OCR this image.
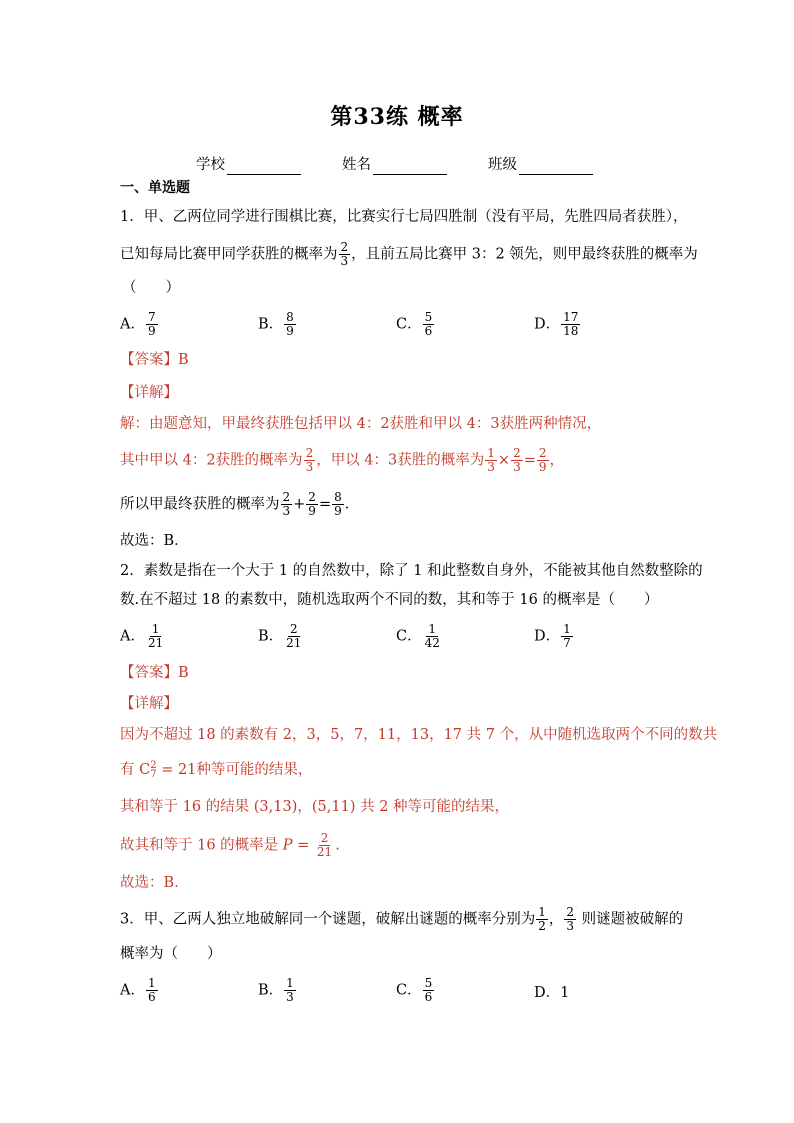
第33练 概率
学校	姓名	班级
一、单选题
1．甲、乙两位同学进行围棋比赛，比赛实行七局四胜制（没有平局，先胜四局者获胜），
已知每局比赛甲同学获胜的概率为 $\frac{2}{3}$ ，且前五局比赛甲 3：2 领先，则甲最终获胜的概率为
（　　）
A． $\frac{7}{9}$	B． $\frac{8}{9}$	C． $\frac{5}{6}$	D． $\frac{17}{18}$
【答案】B
【详解】
解：由题意知，甲最终获胜包括甲以 4：2获胜和甲以 4：3获胜两种情况，
其中甲以 4：2获胜的概率为 $\frac{2}{3}$ ，甲以 4：3获胜的概率为 $\frac{1}{3} \times \frac{2}{3} = \frac{2}{9}$ ，
所以甲最终获胜的概率为 $\frac{2}{3} + \frac{2}{9} = \frac{8}{9}$ ．
故选：B．
2．素数是指在一个大于 1 的自然数中，除了 1 和此整数自身外，不能被其他自然数整除的
数.在不超过 18 的素数中，随机选取两个不同的数，其和等于 16 的概率是（　　）
A． $\frac{1}{21}$	B． $\frac{2}{21}$	C． $\frac{1}{42}$	D． $\frac{1}{7}$
【答案】B
【详解】
因为不超过 18 的素数有 2，3，5，7，11，13，17 共 7 个，从中随机选取两个不同的数共
有 C 2
7 = 21种等可能的结果，
其和等于 16 的结果 (3,13)，(5,11) 共 2 种等可能的结果，
故其和等于 16 的概率是 $P = \frac{2}{21}$ .
故选：B.
3．甲、乙两人独立地破解同一个谜题，破解出谜题的概率分别为 $\frac{1}{2}$ ， $\frac{2}{3}$ 则谜题被破解的
概率为（　　）
A． $\frac{1}{6}$	B． $\frac{1}{3}$	C． $\frac{5}{6}$	D．1
